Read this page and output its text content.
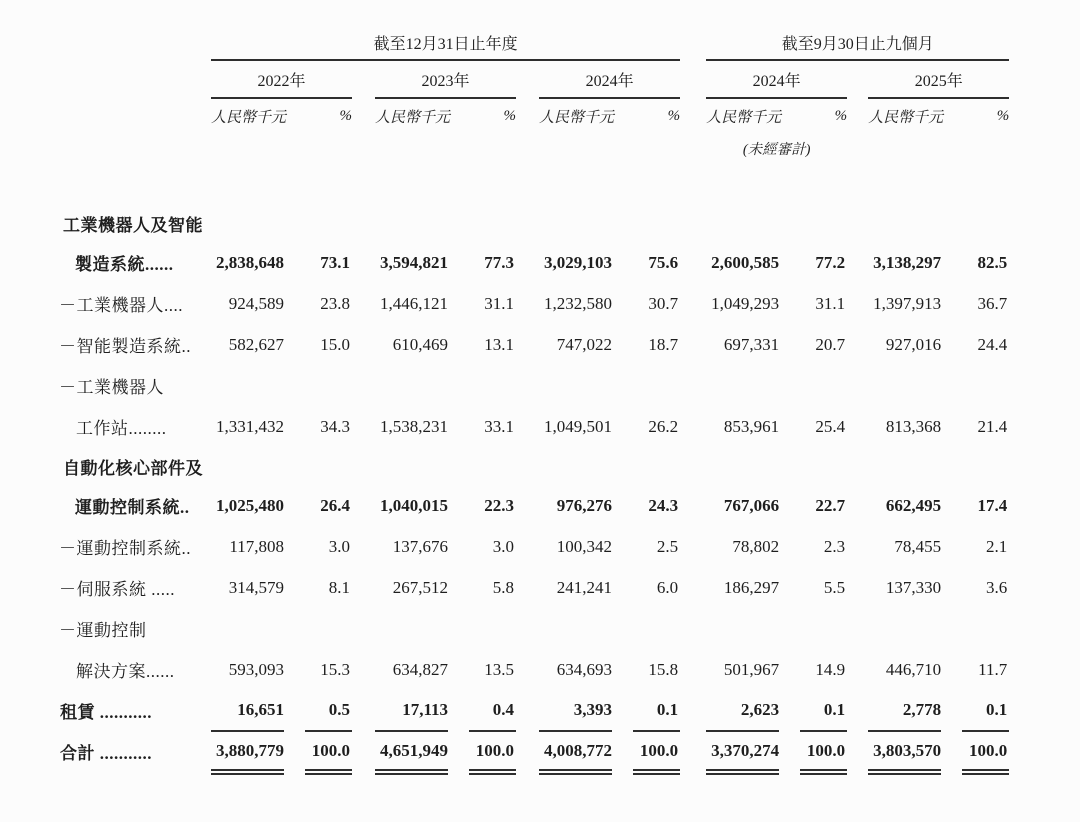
	截至12月31日止年度												截至9月30日止九個月						
	2022年				2023年				2024年				2024年				2025年		
	人民幣千元		%		人民幣千元		%		人民幣千元		%		人民幣千元		%		人民幣千元		%
													(未經審計)						

工業機器人及智能																			
製造系統......	2,838,648		73.1		3,594,821		77.3		3,029,103		75.6		2,600,585		77.2		3,138,297		82.5
－工業機器人....	924,589		23.8		1,446,121		31.1		1,232,580		30.7		1,049,293		31.1		1,397,913		36.7
－智能製造系統..	582,627		15.0		610,469		13.1		747,022		18.7		697,331		20.7		927,016		24.4
－工業機器人																			
工作站........	1,331,432		34.3		1,538,231		33.1		1,049,501		26.2		853,961		25.4		813,368		21.4
自動化核心部件及																			
運動控制系統..	1,025,480		26.4		1,040,015		22.3		976,276		24.3		767,066		22.7		662,495		17.4
－運動控制系統..	117,808		3.0		137,676		3.0		100,342		2.5		78,802		2.3		78,455		2.1
－伺服系統 .....	314,579		8.1		267,512		5.8		241,241		6.0		186,297		5.5		137,330		3.6
－運動控制																			
解決方案......	593,093		15.3		634,827		13.5		634,693		15.8		501,967		14.9		446,710		11.7
租賃 ...........	16,651		0.5		17,113		0.4		3,393		0.1		2,623		0.1		2,778		0.1
合計 ...........	3,880,779		100.0		4,651,949		100.0		4,008,772		100.0		3,370,274		100.0		3,803,570		100.0
